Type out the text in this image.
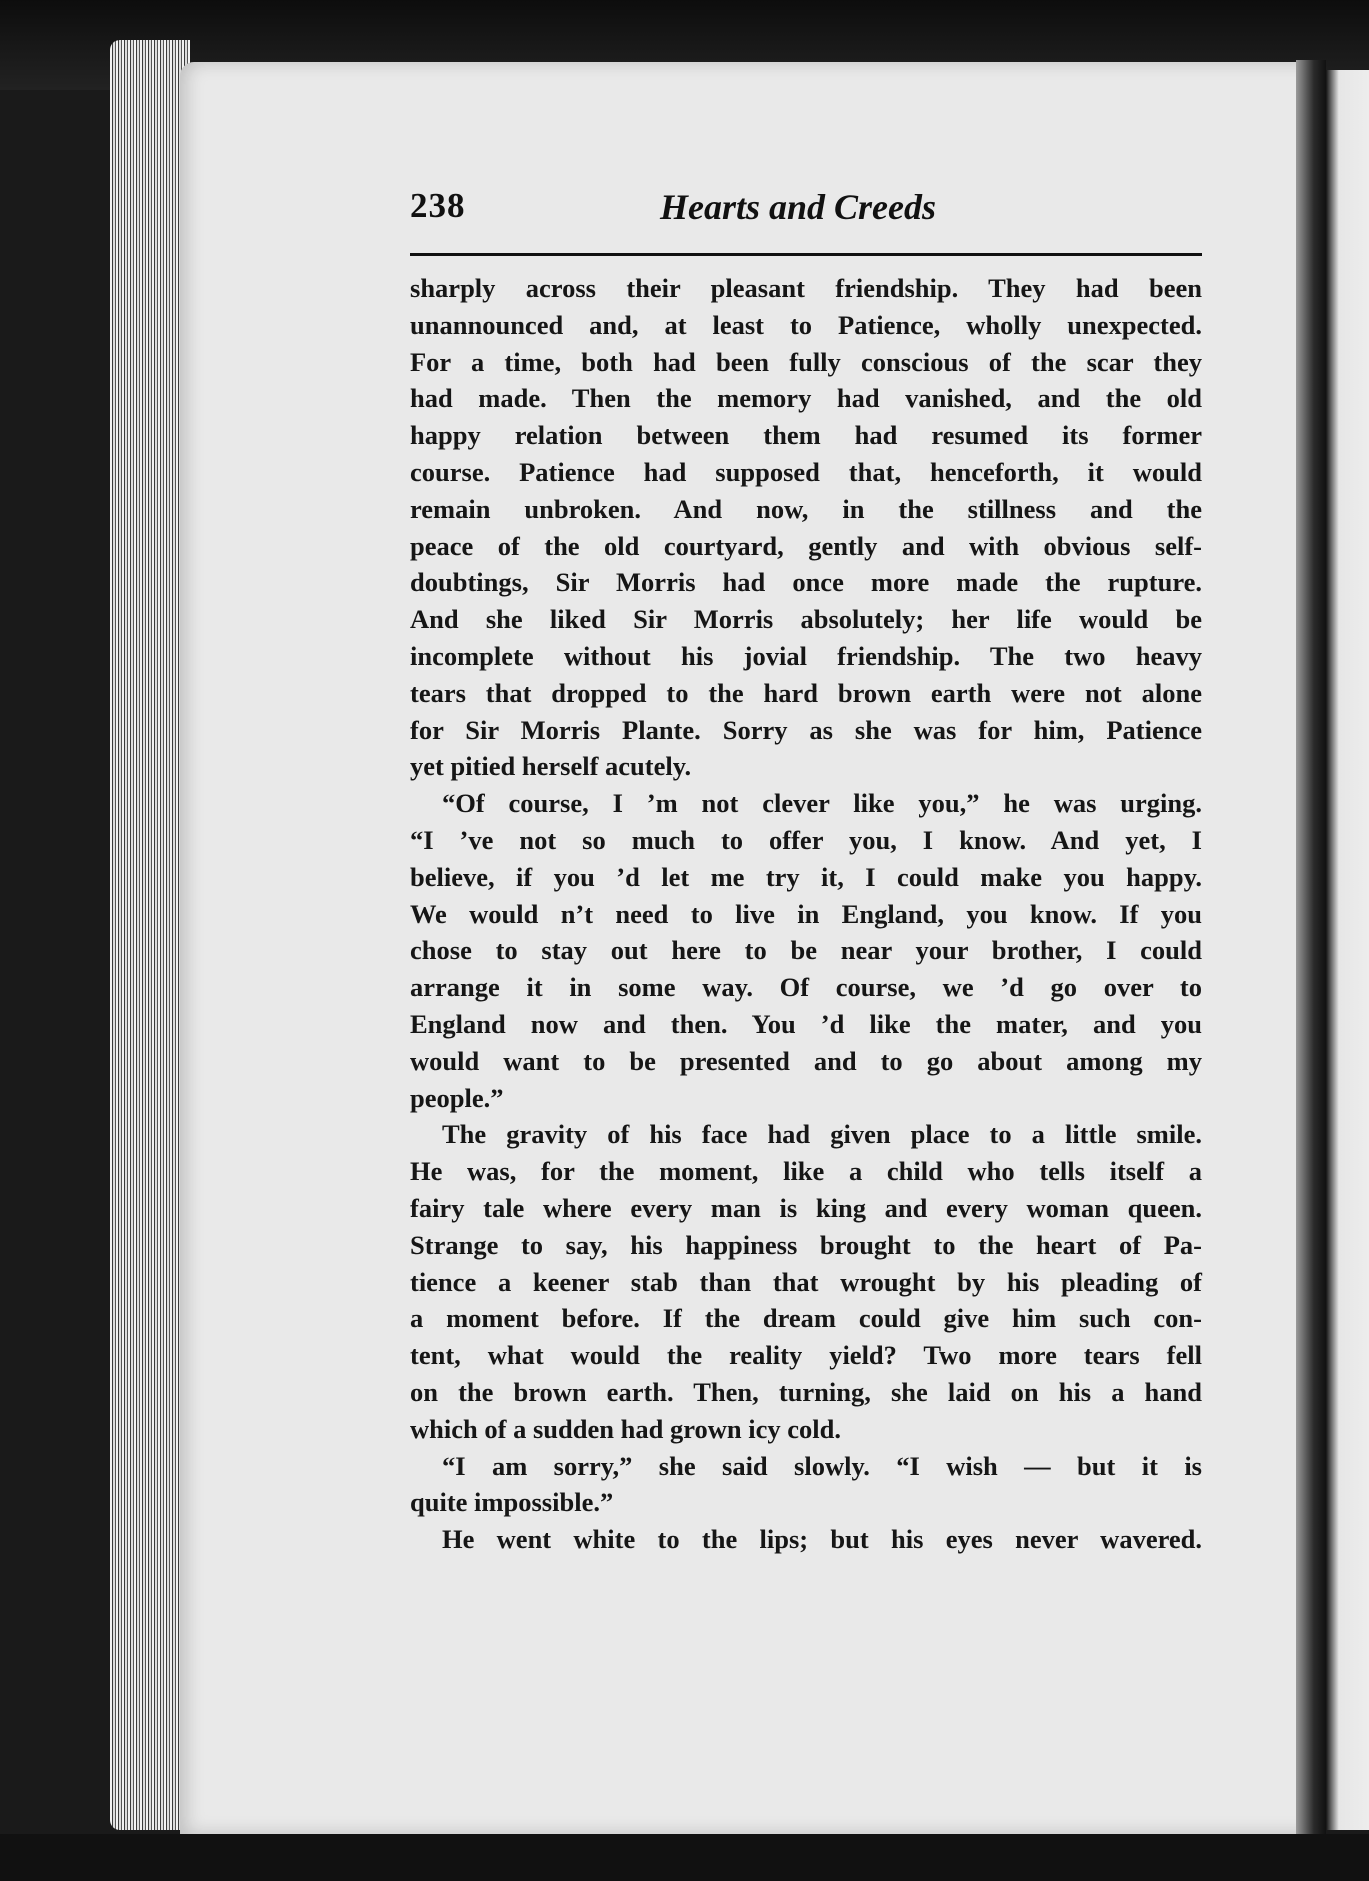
238	Hearts and Creeds
sharply across their pleasant friendship. They had been
unannounced and, at least to Patience, wholly unexpected.
For a time, both had been fully conscious of the scar they
had made. Then the memory had vanished, and the old
happy relation between them had resumed its former
course. Patience had supposed that, henceforth, it would
remain unbroken. And now, in the stillness and the
peace of the old courtyard, gently and with obvious self-
doubtings, Sir Morris had once more made the rupture.
And she liked Sir Morris absolutely; her life would be
incomplete without his jovial friendship. The two heavy
tears that dropped to the hard brown earth were not alone
for Sir Morris Plante. Sorry as she was for him, Patience
yet pitied herself acutely.
“Of course, I ’m not clever like you,” he was urging.
“I ’ve not so much to offer you, I know. And yet, I
believe, if you ’d let me try it, I could make you happy.
We would n’t need to live in England, you know. If you
chose to stay out here to be near your brother, I could
arrange it in some way. Of course, we ’d go over to
England now and then. You ’d like the mater, and you
would want to be presented and to go about among my
people.”
The gravity of his face had given place to a little smile.
He was, for the moment, like a child who tells itself a
fairy tale where every man is king and every woman queen.
Strange to say, his happiness brought to the heart of Pa-
tience a keener stab than that wrought by his pleading of
a moment before. If the dream could give him such con-
tent, what would the reality yield? Two more tears fell
on the brown earth. Then, turning, she laid on his a hand
which of a sudden had grown icy cold.
“I am sorry,” she said slowly. “I wish — but it is
quite impossible.”
He went white to the lips; but his eyes never wavered.
